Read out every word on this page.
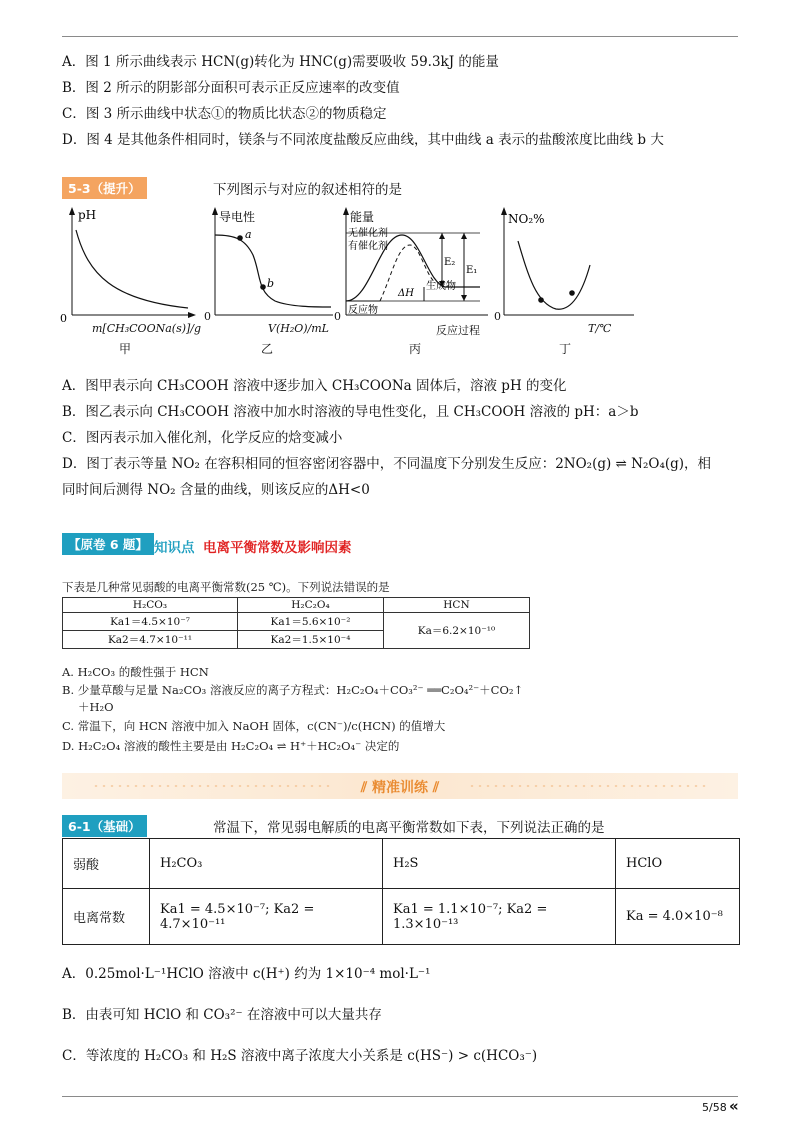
A．图 1 所示曲线表示 HCN(g)转化为 HNC(g)需要吸收 59.3kJ 的能量
B．图 2 所示的阴影部分面积可表示正反应速率的改变值
C．图 3 所示曲线中状态①的物质比状态②的物质稳定
D．图 4 是其他条件相同时，镁条与不同浓度盐酸反应曲线，其中曲线 a 表示的盐酸浓度比曲线 b 大
5-3（提升）	下列图示与对应的叙述相符的是
pH
0
m[CH₃COONa(s)]/g
甲
导电性
a
b
V(H₂O)/mL
乙
能量
无催化剂
有催化剂
E₂
E₁
ΔH
生成物
反应物
反应过程
丙
NO₂%
T/℃
丁
0	0	0
A．图甲表示向 CH₃COOH 溶液中逐步加入 CH₃COONa 固体后，溶液 pH 的变化
B．图乙表示向 CH₃COOH 溶液中加水时溶液的导电性变化，且 CH₃COOH 溶液的 pH：a＞b
C．图丙表示加入催化剂，化学反应的焓变减小
D．图丁表示等量 NO₂ 在容积相同的恒容密闭容器中，不同温度下分别发生反应：2NO₂(g) ⇌ N₂O₄(g)，相
同时间后测得 NO₂ 含量的曲线，则该反应的ΔH<0
【原卷 6 题】 知识点 电离平衡常数及影响因素
下表是几种常见弱酸的电离平衡常数(25 ℃)。下列说法错误的是
H₂CO₃	H₂C₂O₄	HCN
Ka1＝4.5×10⁻⁷	Ka1＝5.6×10⁻²	Ka＝6.2×10⁻¹⁰
Ka2＝4.7×10⁻¹¹	Ka2＝1.5×10⁻⁴	
A. H₂CO₃ 的酸性强于 HCN
B. 少量草酸与足量 Na₂CO₃ 溶液反应的离子方程式：H₂C₂O₄＋CO₃²⁻ ══C₂O₄²⁻＋CO₂↑
＋H₂O
C. 常温下，向 HCN 溶液中加入 NaOH 固体，c(CN⁻)/c(HCN) 的值增大
D. H₂C₂O₄ 溶液的酸性主要是由 H₂C₂O₄ ⇌ H⁺＋HC₂O₄⁻ 决定的
⫽ 精准训练 ⫽
6-1（基础）	常温下，常见弱电解质的电离平衡常数如下表，下列说法正确的是
弱酸	H₂CO₃	H₂S	HClO
电离常数	Ka1 = 4.5×10⁻⁷; Ka2 = 4.7×10⁻¹¹	Ka1 = 1.1×10⁻⁷; Ka2 = 1.3×10⁻¹³	Ka = 4.0×10⁻⁸
A．0.25mol·L⁻¹HClO 溶液中 c(H⁺) 约为 1×10⁻⁴ mol·L⁻¹
B．由表可知 HClO 和 CO₃²⁻ 在溶液中可以大量共存
C．等浓度的 H₂CO₃ 和 H₂S 溶液中离子浓度大小关系是 c(HS⁻) > c(HCO₃⁻)
5/58 «
